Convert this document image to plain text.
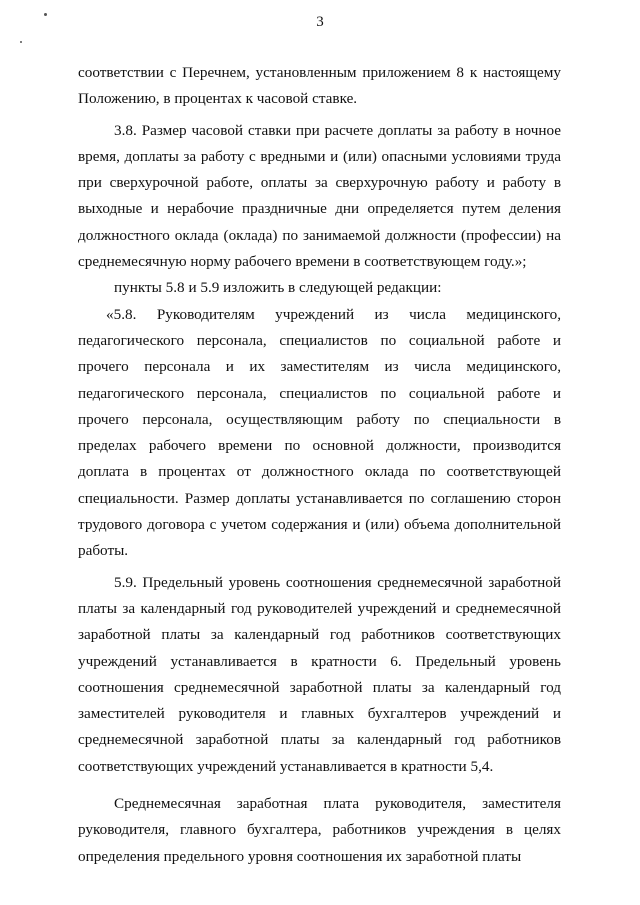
3

соответствии с Перечнем, установленным приложением 8 к настоящему Положению, в процентах к часовой ставке.

3.8. Размер часовой ставки при расчете доплаты за работу в ночное время, доплаты за работу с вредными и (или) опасными условиями труда при сверхурочной работе, оплаты за сверхурочную работу и работу в выходные и нерабочие праздничные дни определяется путем деления должностного оклада (оклада) по занимаемой должности (профессии) на среднемесячную норму рабочего времени в соответствующем году.»;

пункты 5.8 и 5.9 изложить в следующей редакции:

«5.8. Руководителям учреждений из числа медицинского, педагогического персонала, специалистов по социальной работе и прочего персонала и их заместителям из числа медицинского, педагогического персонала, специалистов по социальной работе и прочего персонала, осуществляющим работу по специальности в пределах рабочего времени по основной должности, производится доплата в процентах от должностного оклада по соответствующей специальности. Размер доплаты устанавливается по соглашению сторон трудового договора с учетом содержания и (или) объема дополнительной работы.

5.9. Предельный уровень соотношения среднемесячной заработной платы за календарный год руководителей учреждений и среднемесячной заработной платы за календарный год работников соответствующих учреждений устанавливается в кратности 6. Предельный уровень соотношения среднемесячной заработной платы за календарный год заместителей руководителя и главных бухгалтеров учреждений и среднемесячной заработной платы за календарный год работников соответствующих учреждений устанавливается в кратности 5,4.

Среднемесячная заработная плата руководителя, заместителя руководителя, главного бухгалтера, работников учреждения в целях определения предельного уровня соотношения их заработной платы
